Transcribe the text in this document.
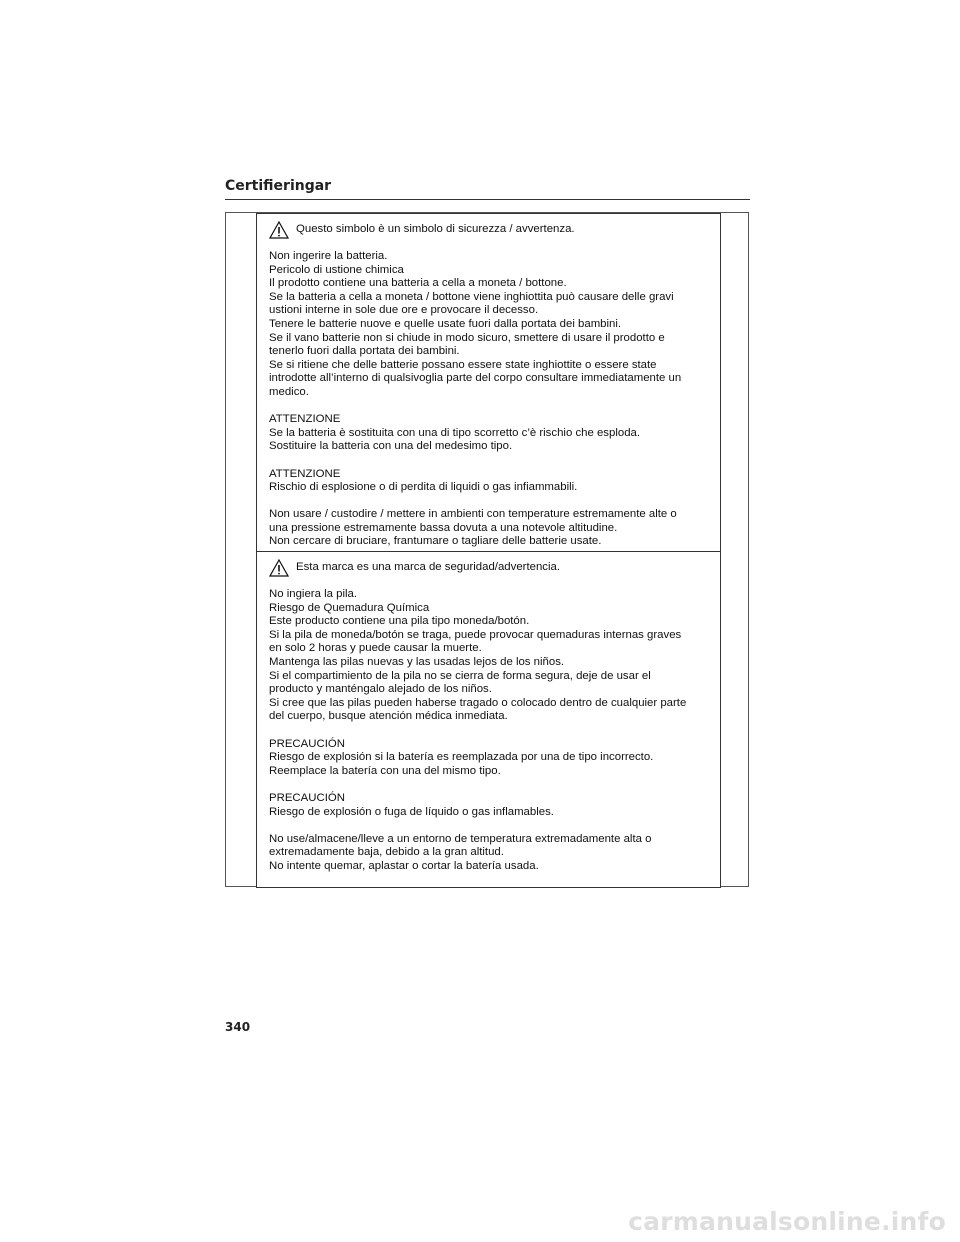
Certifieringar
Questo simbolo è un simbolo di sicurezza / avvertenza.
Non ingerire la batteria.
Pericolo di ustione chimica
Il prodotto contiene una batteria a cella a moneta / bottone.
Se la batteria a cella a moneta / bottone viene inghiottita può causare delle gravi
ustioni interne in sole due ore e provocare il decesso.
Tenere le batterie nuove e quelle usate fuori dalla portata dei bambini.
Se il vano batterie non si chiude in modo sicuro, smettere di usare il prodotto e
tenerlo fuori dalla portata dei bambini.
Se si ritiene che delle batterie possano essere state inghiottite o essere state
introdotte all’interno di qualsivoglia parte del corpo consultare immediatamente un
medico.
ATTENZIONE
Se la batteria è sostituita con una di tipo scorretto c’è rischio che esploda.
Sostituire la batteria con una del medesimo tipo.
ATTENZIONE
Rischio di esplosione o di perdita di liquidi o gas infiammabili.
Non usare / custodire / mettere in ambienti con temperature estremamente alte o
una pressione estremamente bassa dovuta a una notevole altitudine.
Non cercare di bruciare, frantumare o tagliare delle batterie usate.
Esta marca es una marca de seguridad/advertencia.
No ingiera la pila.
Riesgo de Quemadura Química
Este producto contiene una pila tipo moneda/botón.
Si la pila de moneda/botón se traga, puede provocar quemaduras internas graves
en solo 2 horas y puede causar la muerte.
Mantenga las pilas nuevas y las usadas lejos de los niños.
Si el compartimiento de la pila no se cierra de forma segura, deje de usar el
producto y manténgalo alejado de los niños.
Si cree que las pilas pueden haberse tragado o colocado dentro de cualquier parte
del cuerpo, busque atención médica inmediata.
PRECAUCIÓN
Riesgo de explosión si la batería es reemplazada por una de tipo incorrecto.
Reemplace la batería con una del mismo tipo.
PRECAUCIÓN
Riesgo de explosión o fuga de líquido o gas inflamables.
No use/almacene/lleve a un entorno de temperatura extremadamente alta o
extremadamente baja, debido a la gran altitud.
No intente quemar, aplastar o cortar la batería usada.
340
carmanualsonline.info
